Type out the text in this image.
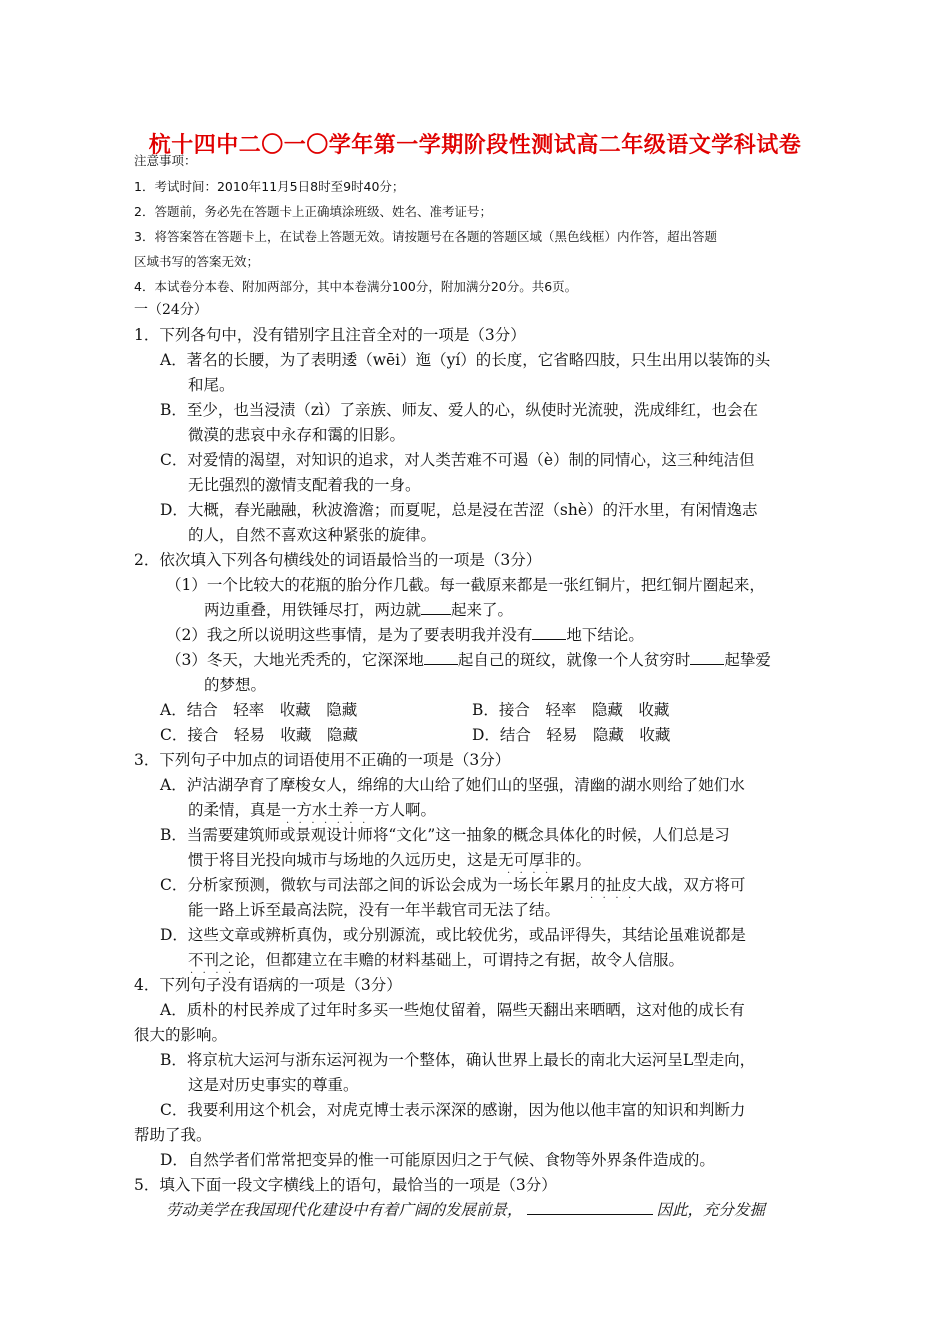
杭十四中二〇一〇学年第一学期阶段性测试高二年级语文学科试卷
注意事项：
1．考试时间：2010年11月5日8时至9时40分；
2．答题前，务必先在答题卡上正确填涂班级、姓名、准考证号；
3．将答案答在答题卡上，在试卷上答题无效。请按题号在各题的答题区域（黑色线框）内作答，超出答题
区域书写的答案无效；
4．本试卷分本卷、附加两部分，其中本卷满分100分，附加满分20分。共6页。
一（24分）
1．下列各句中，没有错别字且注音全对的一项是（3分）
A．著名的长腰，为了表明逶（wēi）迤（yí）的长度，它省略四肢，只生出用以装饰的头
和尾。
B．至少，也当浸渍（zì）了亲族、师友、爱人的心，纵使时光流驶，洗成绯红，也会在
微漠的悲哀中永存和霭的旧影。
C．对爱情的渴望，对知识的追求，对人类苦难不可遏（è）制的同情心，这三种纯洁但
无比强烈的激情支配着我的一身。
D．大概，春光融融，秋波澹澹；而夏呢，总是浸在苦涩（shè）的汗水里，有闲情逸志
的人，自然不喜欢这种紧张的旋律。
2．依次填入下列各句横线处的词语最恰当的一项是（3分）
（1）一个比较大的花瓶的胎分作几截。每一截原来都是一张红铜片，把红铜片圈起来，
两边重叠，用铁锤尽打，两边就 起来了。
（2）我之所以说明这些事情，是为了要表明我并没有 地下结论。
（3）冬天，大地光秃秃的，它深深地 起自己的斑纹，就像一个人贫穷时 起挚爱
的梦想。
A．结合　轻率　收藏　隐藏	B．接合　轻率　隐藏　收藏
C．接合　轻易　收藏　隐藏	D．结合　轻易　隐藏　收藏
3．下列句子中加点的词语使用不正确的一项是（3分）
A．泸沽湖孕育了摩梭女人，绵绵的大山给了她们山的坚强，清幽的湖水则给了她们水
的柔情，真是一方水土养一方人啊。
B．当需要建筑师或景观设计师将“文化”这一抽象的概念具体化的时候，人们总是习
惯于将目光投向城市与场地的久远历史，这是无可厚非的。
C．分析家预测，微软与司法部之间的诉讼会成为一场长年累月的扯皮大战，双方将可
能一路上诉至最高法院，没有一年半载官司无法了结。
D．这些文章或辨析真伪，或分别源流，或比较优劣，或品评得失，其结论虽难说都是
不刊之论，但都建立在丰赡的材料基础上，可谓持之有据，故令人信服。
·······
····
····
····
4．下列句子没有语病的一项是（3分）
A．质朴的村民养成了过年时多买一些炮仗留着，隔些天翻出来晒晒，这对他的成长有
很大的影响。
B．将京杭大运河与浙东运河视为一个整体，确认世界上最长的南北大运河呈L型走向，
这是对历史事实的尊重。
C．我要利用这个机会，对虎克博士表示深深的感谢，因为他以他丰富的知识和判断力
帮助了我。
D．自然学者们常常把变异的惟一可能原因归之于气候、食物等外界条件造成的。
5．填入下面一段文字横线上的语句，最恰当的一项是（3分）
劳动美学在我国现代化建设中有着广阔的发展前景，	因此，充分发掘
